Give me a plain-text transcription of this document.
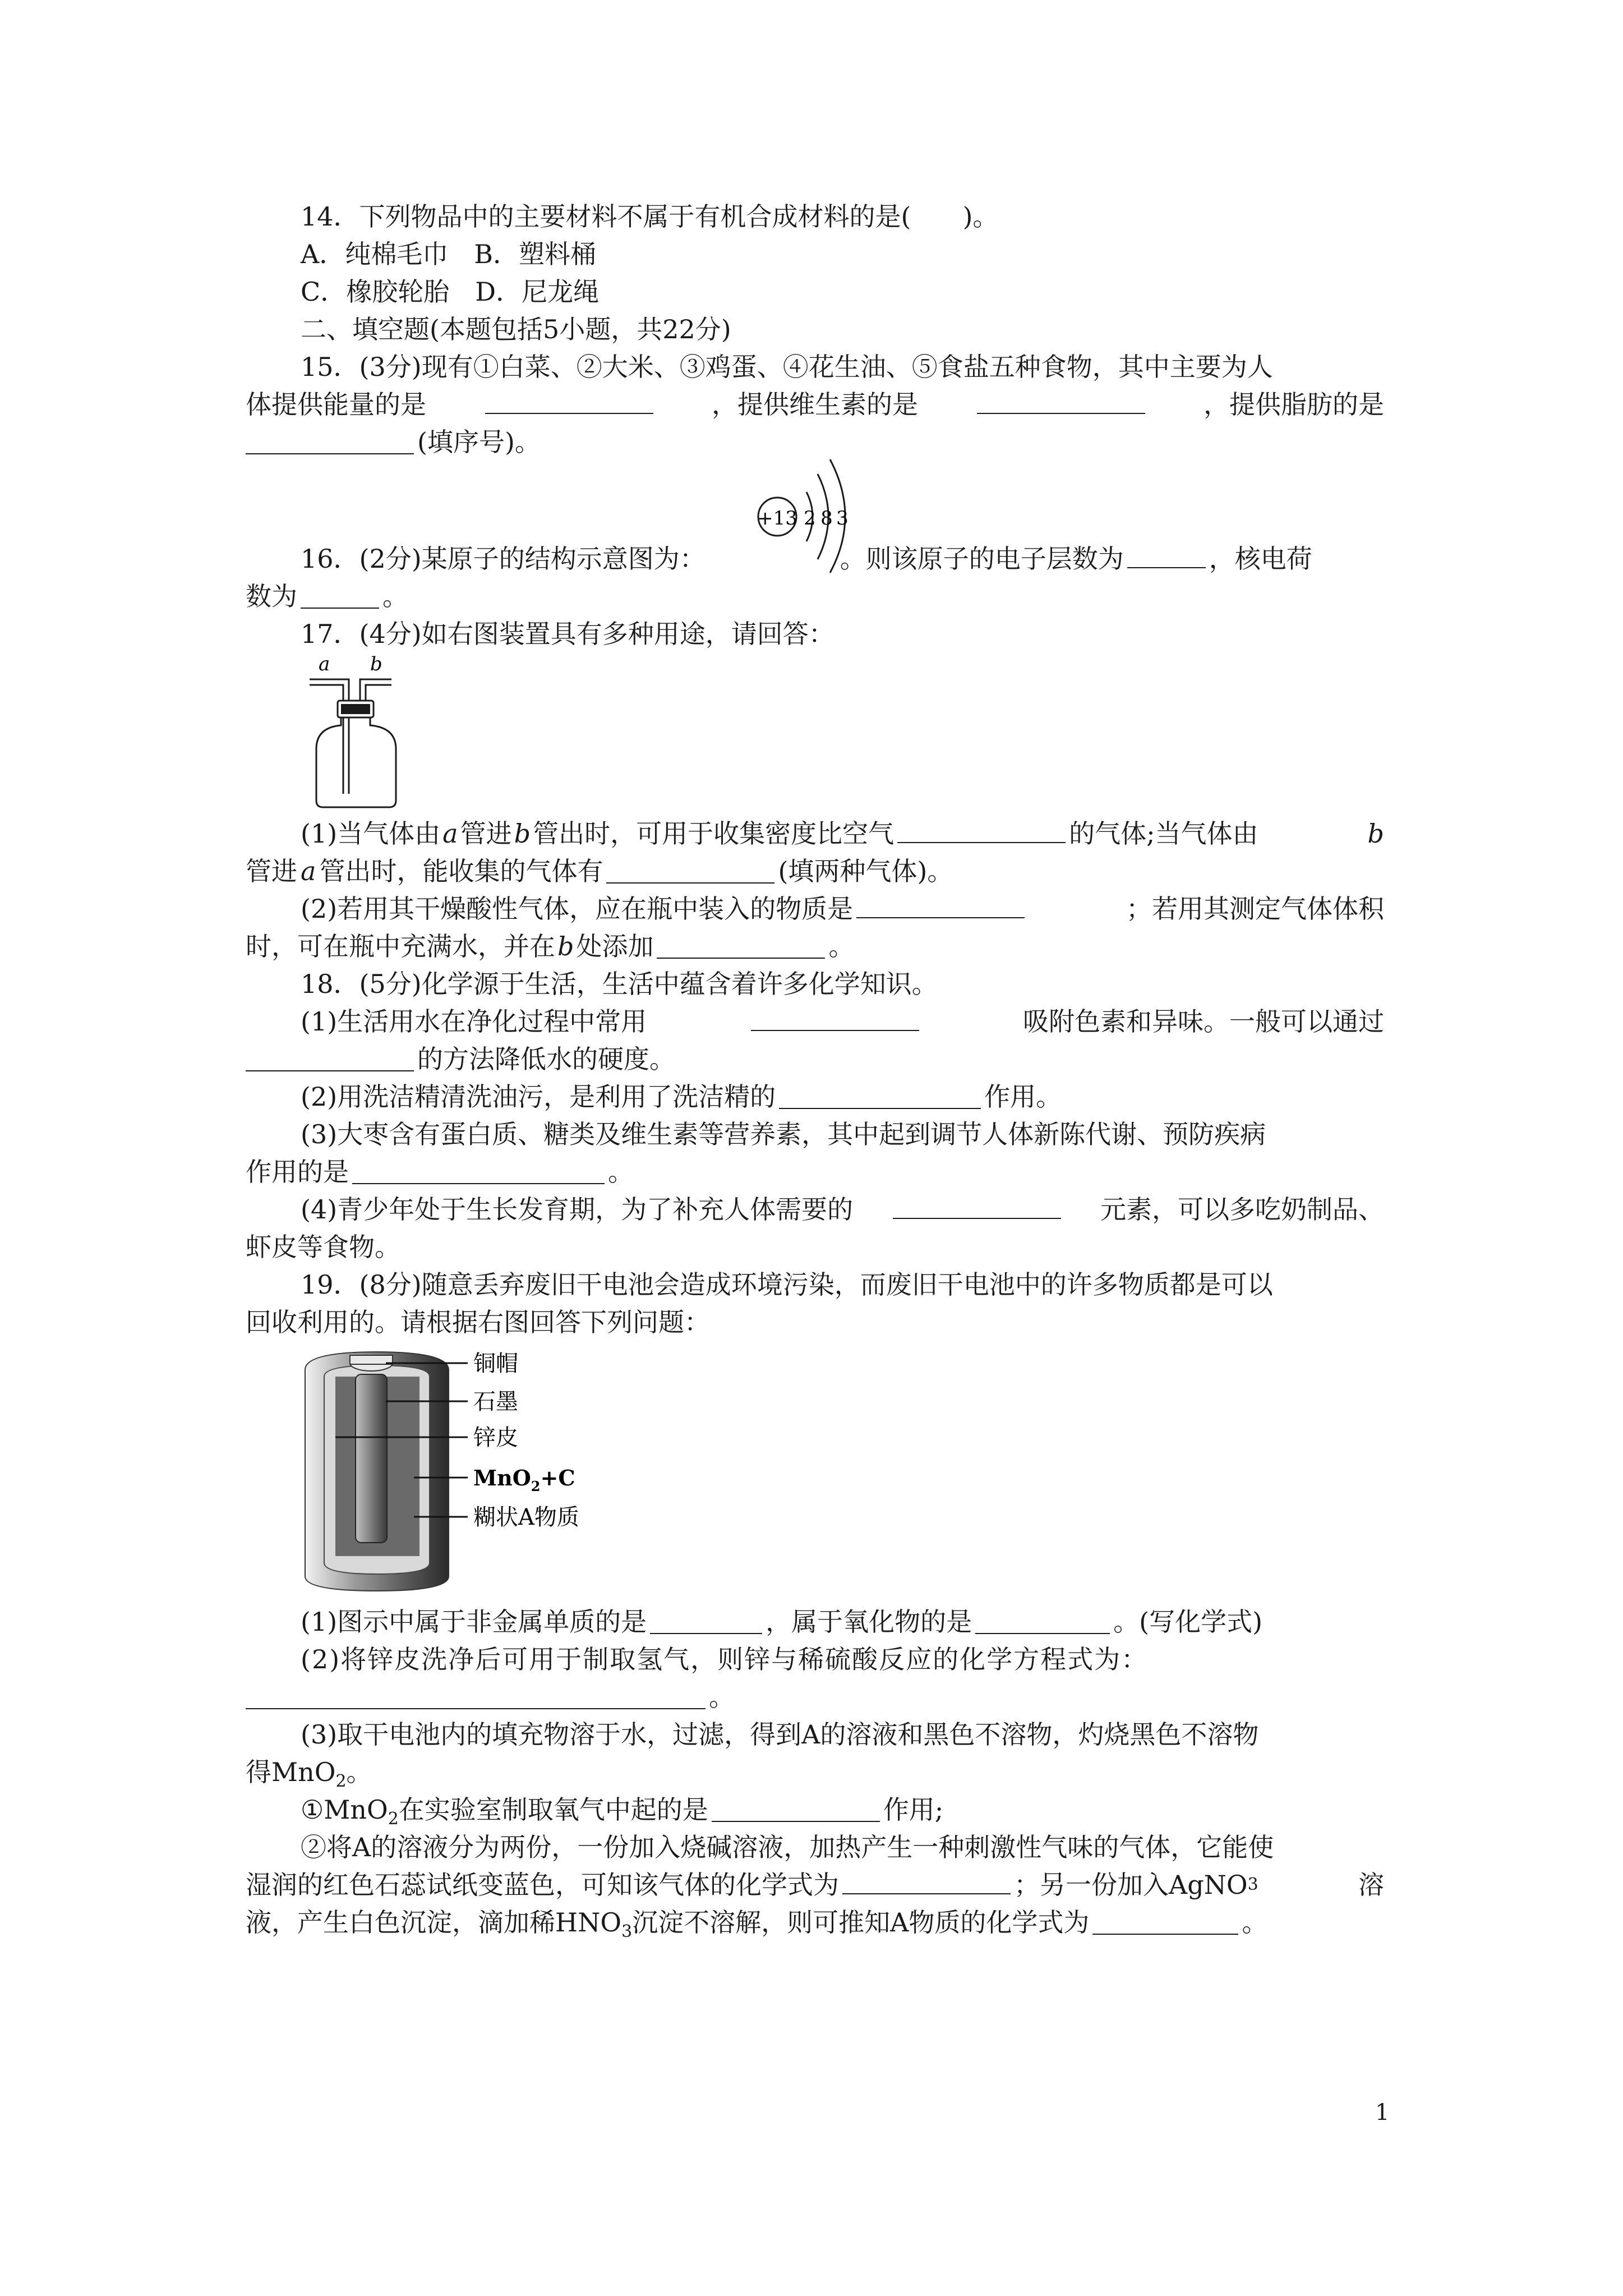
14．下列物品中的主要材料不属于有机合成材料的是(　　)。
A．纯棉毛巾　B．塑料桶
C．橡胶轮胎　D．尼龙绳
二、填空题(本题包括5小题，共22分)
15．(3分)现有①白菜、②大米、③鸡蛋、④花生油、⑤食盐五种食物，其中主要为人
体提供能量的是	，提供维生素的是	，提供脂肪的是
(填序号)。
+13 2 8 3
16．(2分)某原子的结构示意图为：	。则该原子的电子层数为	，核电荷
数为	。
17．(4分)如右图装置具有多种用途，请回答：
a b
(1)当气体由 a 管进 b 管出时，可用于收集密度比空气	的气体;当气体由	b
管进 a 管出时，能收集的气体有	(填两种气体)。
(2)若用其干燥酸性气体，应在瓶中装入的物质是	；若用其测定气体体积
时，可在瓶中充满水，并在b处添加	。
18．(5分)化学源于生活，生活中蕴含着许多化学知识。
(1)生活用水在净化过程中常用	吸附色素和异味。一般可以通过
的方法降低水的硬度。
(2)用洗洁精清洗油污，是利用了洗洁精的	作用。
(3)大枣含有蛋白质、糖类及维生素等营养素，其中起到调节人体新陈代谢、预防疾病
作用的是	。
(4)青少年处于生长发育期，为了补充人体需要的	元素，可以多吃奶制品、
虾皮等食物。
19．(8分)随意丢弃废旧干电池会造成环境污染，而废旧干电池中的许多物质都是可以
回收利用的。请根据右图回答下列问题：
铜帽
石墨
锌皮
MnO$_2$+C
糊状A物质
(1)图示中属于非金属单质的是	，属于氧化物的是	。(写化学式)
(2)将锌皮洗净后可用于制取氢气，则锌与稀硫酸反应的化学方程式为：
。
(3)取干电池内的填充物溶于水，过滤，得到A的溶液和黑色不溶物，灼烧黑色不溶物
得MnO$_2$。
①MnO$_2$在实验室制取氧气中起的是	作用;
②将A的溶液分为两份，一份加入烧碱溶液，加热产生一种刺激性气味的气体，它能使
湿润的红色石蕊试纸变蓝色，可知该气体的化学式为	；另一份加入AgNO 3	溶
液，产生白色沉淀，滴加稀$HNO_3$沉淀不溶解，则可推知A物质的化学式为	。
1
